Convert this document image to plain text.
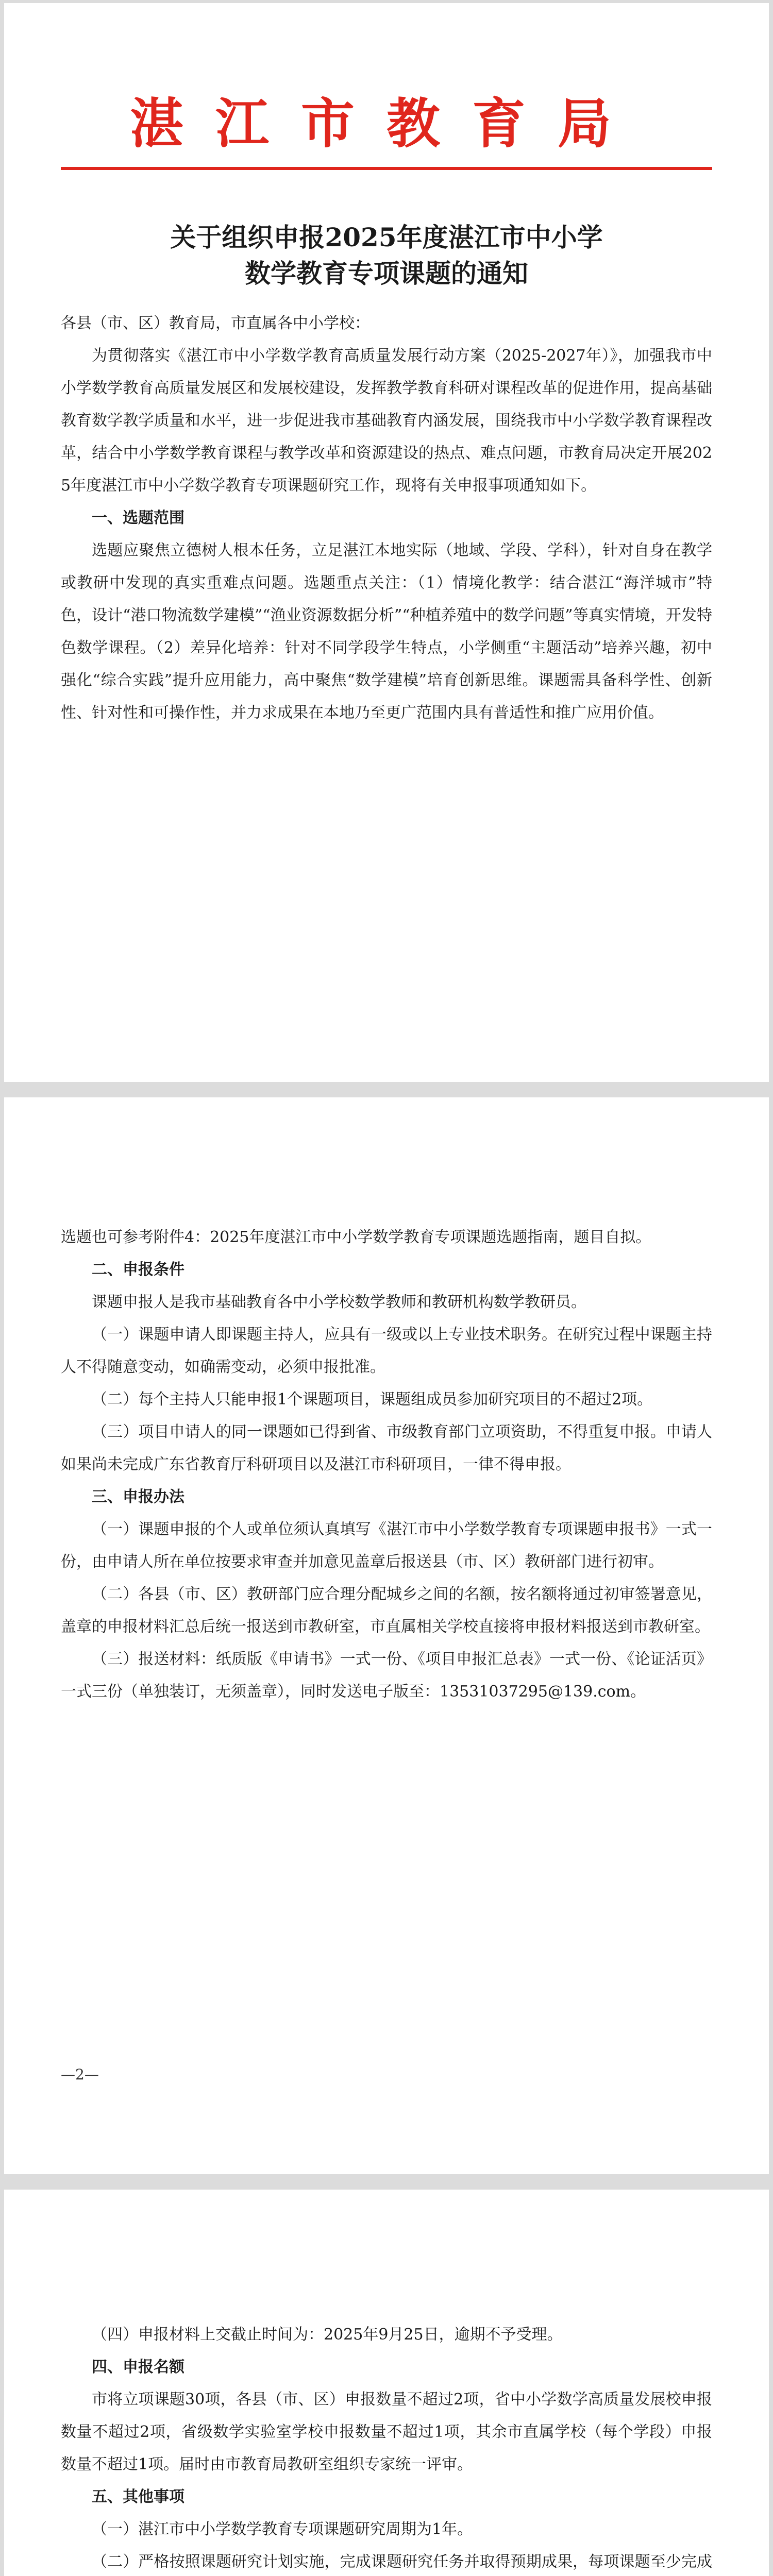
湛江市教育局
关于组织申报2025年度湛江市中小学
数学教育专项课题的通知

各县（市、区）教育局，市直属各中小学校：

为贯彻落实《湛江市中小学数学教育高质量发展行动方案（2025-2027年）》，加强我市中小学数学教育高质量发展区和发展校建设，发挥教学教育科研对课程改革的促进作用，提高基础教育数学教学质量和水平，进一步促进我市基础教育内涵发展，围绕我市中小学数学教育课程改革，结合中小学数学教育课程与教学改革和资源建设的热点、难点问题，市教育局决定开展2025年度湛江市中小学数学教育专项课题研究工作，现将有关申报事项通知如下。

一、选题范围

选题应聚焦立德树人根本任务，立足湛江本地实际（地域、学段、学科），针对自身在教学或教研中发现的真实重难点问题。选题重点关注：（1）情境化教学：结合湛江“海洋城市”特色，设计“港口物流数学建模”“渔业资源数据分析”“种植养殖中的数学问题”等真实情境，开发特色数学课程。（2）差异化培养：针对不同学段学生特点，小学侧重“主题活动”培养兴趣，初中强化“综合实践”提升应用能力，高中聚焦“数学建模”培育创新思维。课题需具备科学性、创新性、针对性和可操作性，并力求成果在本地乃至更广范围内具有普适性和推广应用价值。

选题也可参考附件4：2025年度湛江市中小学数学教育专项课题选题指南，题目自拟。

二、申报条件

课题申报人是我市基础教育各中小学校数学教师和教研机构数学教研员。

（一）课题申请人即课题主持人，应具有一级或以上专业技术职务。在研究过程中课题主持人不得随意变动，如确需变动，必须申报批准。

（二）每个主持人只能申报1个课题项目，课题组成员参加研究项目的不超过2项。

（三）项目申请人的同一课题如已得到省、市级教育部门立项资助，不得重复申报。申请人如果尚未完成广东省教育厅科研项目以及湛江市科研项目，一律不得申报。

三、申报办法

（一）课题申报的个人或单位须认真填写《湛江市中小学数学教育专项课题申报书》一式一份，由申请人所在单位按要求审查并加意见盖章后报送县（市、区）教研部门进行初审。

（二）各县（市、区）教研部门应合理分配城乡之间的名额，按名额将通过初审签署意见，盖章的申报材料汇总后统一报送到市教研室，市直属相关学校直接将申报材料报送到市教研室。

（三）报送材料：纸质版《申请书》一式一份、《项目申报汇总表》一式一份、《论证活页》一式三份（单独装订，无须盖章），同时发送电子版至：13531037295@139.com。

—2—

（四）申报材料上交截止时间为：2025年9月25日，逾期不予受理。

四、申报名额

市将立项课题30项，各县（市、区）申报数量不超过2项，省中小学数学高质量发展校申报数量不超过2项，省级数学实验室学校申报数量不超过1项，其余市直属学校（每个学段）申报数量不超过1项。届时由市教育局教研室组织专家统一评审。

五、其他事项

（一）湛江市中小学数学教育专项课题研究周期为1年。

（二）严格按照课题研究计划实施，完成课题研究任务并取得预期成果，每项课题至少完成
